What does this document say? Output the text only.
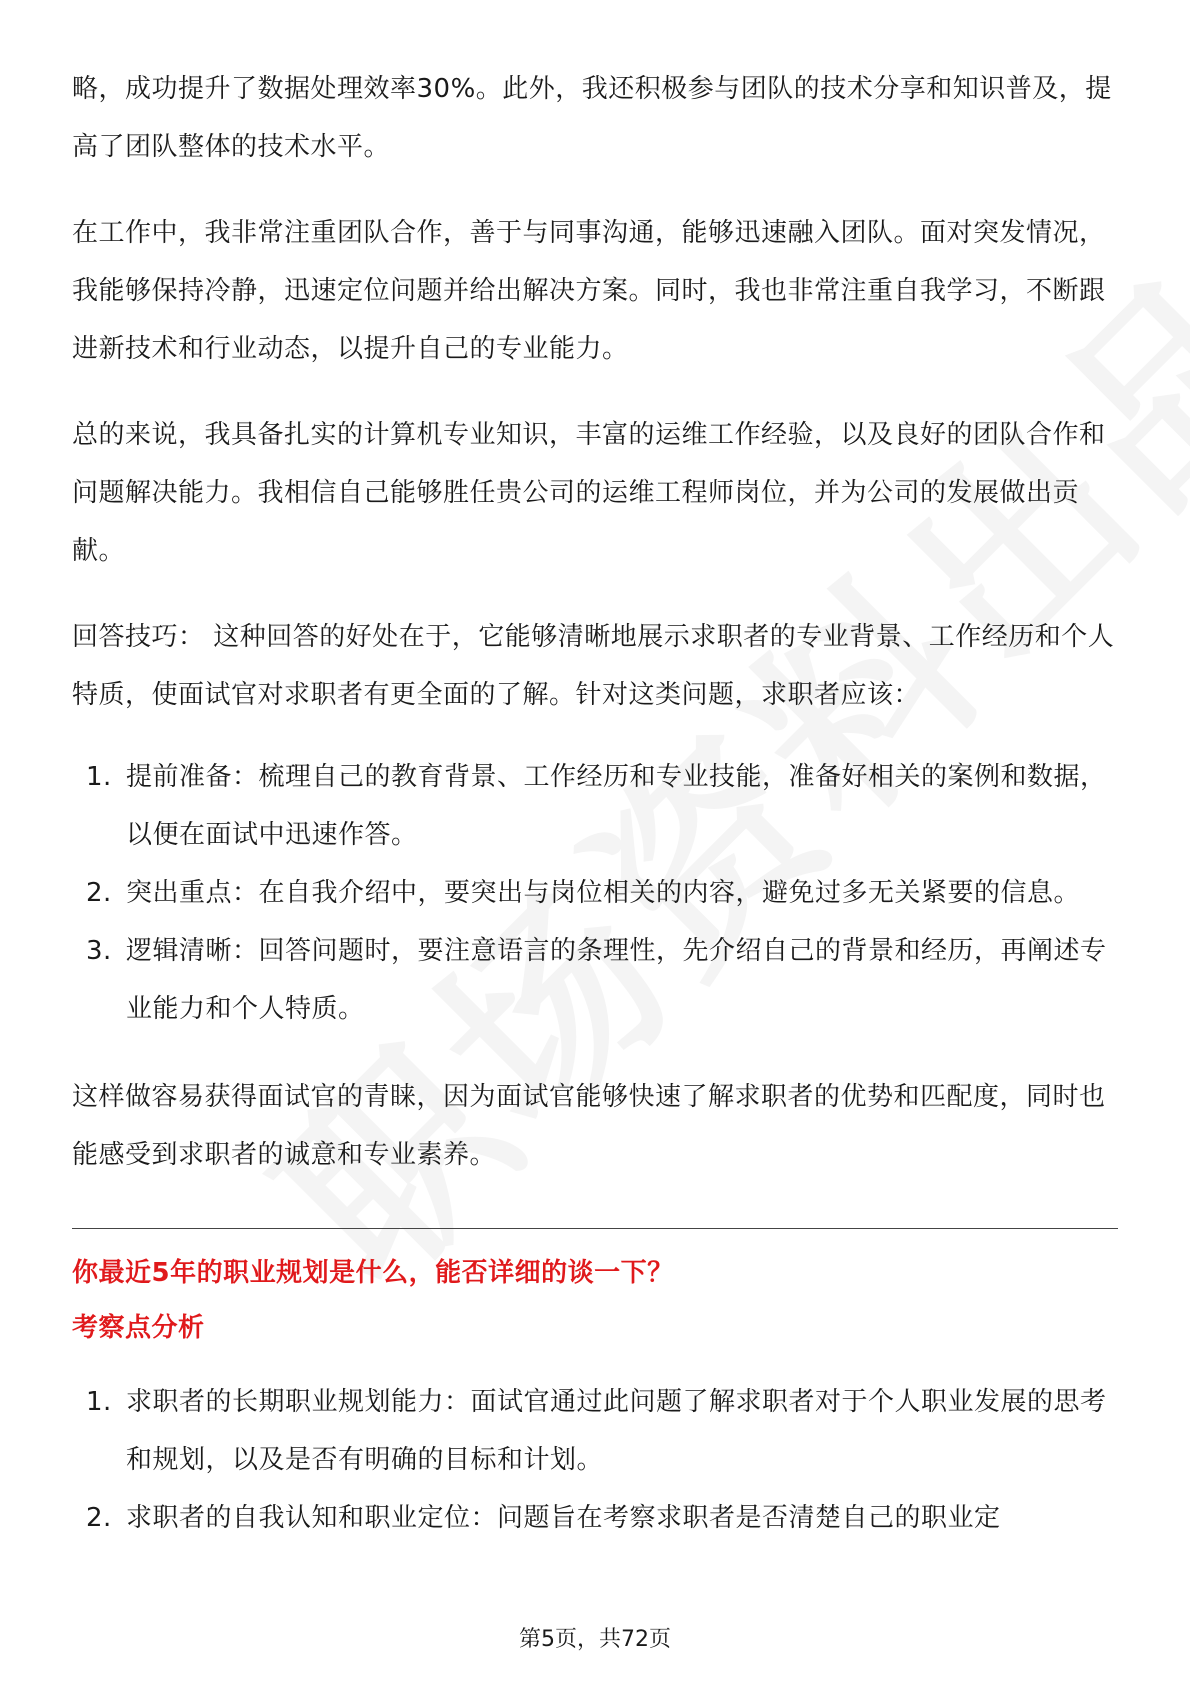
略，成功提升了数据处理效率30%。此外，我还积极参与团队的技术分享和知识普及，提高了团队整体的技术水平。

在工作中，我非常注重团队合作，善于与同事沟通，能够迅速融入团队。面对突发情况，我能够保持冷静，迅速定位问题并给出解决方案。同时，我也非常注重自我学习，不断跟进新技术和行业动态，以提升自己的专业能力。

总的来说，我具备扎实的计算机专业知识，丰富的运维工作经验，以及良好的团队合作和问题解决能力。我相信自己能够胜任贵公司的运维工程师岗位，并为公司的发展做出贡献。

回答技巧： 这种回答的好处在于，它能够清晰地展示求职者的专业背景、工作经历和个人特质，使面试官对求职者有更全面的了解。针对这类问题，求职者应该：

1. 提前准备：梳理自己的教育背景、工作经历和专业技能，准备好相关的案例和数据，以便在面试中迅速作答。
2. 突出重点：在自我介绍中，要突出与岗位相关的内容，避免过多无关紧要的信息。
3. 逻辑清晰：回答问题时，要注意语言的条理性，先介绍自己的背景和经历，再阐述专业能力和个人特质。

这样做容易获得面试官的青睐，因为面试官能够快速了解求职者的优势和匹配度，同时也能感受到求职者的诚意和专业素养。

你最近5年的职业规划是什么，能否详细的谈一下？

考察点分析

1. 求职者的长期职业规划能力：面试官通过此问题了解求职者对于个人职业发展的思考和规划，以及是否有明确的目标和计划。
2. 求职者的自我认知和职业定位：问题旨在考察求职者是否清楚自己的职业定
第5页，共72页
